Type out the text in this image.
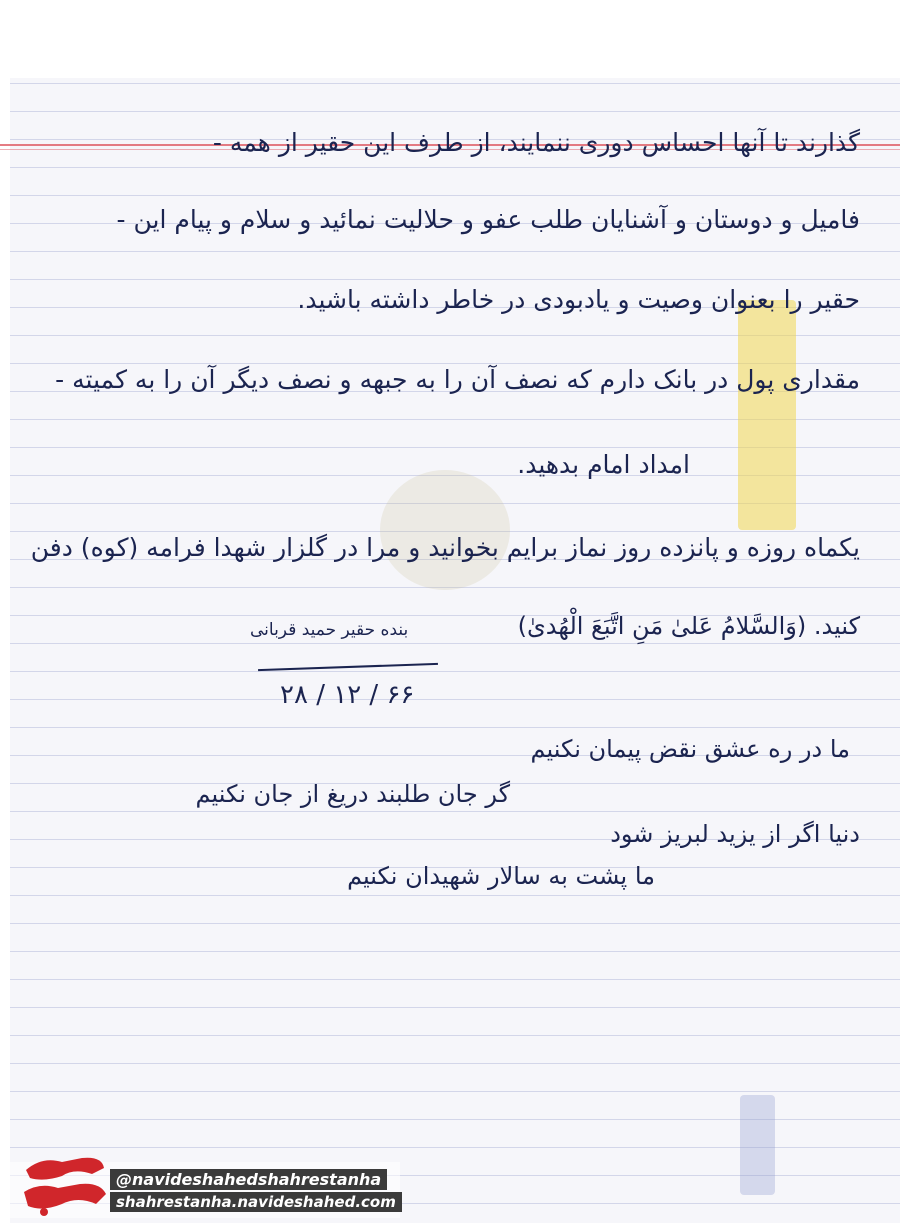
گذارند تا آنها احساس دوری ننمایند، از طرف این حقیر از همه -
فامیل و دوستان و آشنایان طلب عفو و حلالیت نمائید و سلام و پیام این -
حقیر را بعنوان وصیت و یادبودی در خاطر داشته باشید.
مقداری پول در بانک دارم که نصف آن را به جبهه و نصف دیگر آن را به کمیته -
امداد امام بدهید.
یکماه روزه و پانزده روز نماز برایم بخوانید و مرا در گلزار شهدا فرامه (کوه) دفن
کنید. (وَالسَّلامُ عَلیٰ مَنِ اتَّبَعَ الْهُدیٰ)
بنده حقیر حمید قربانی
۶۶ / ۱۲ / ۲۸
ما در ره عشق نقض پیمان نکنیم
گر جان طلبند دریغ از جان نکنیم
دنیا اگر از یزید لبریز شود
ما پشت به سالار شهیدان نکنیم
@navideshahedshahrestanha
shahrestanha.navideshahed.com
